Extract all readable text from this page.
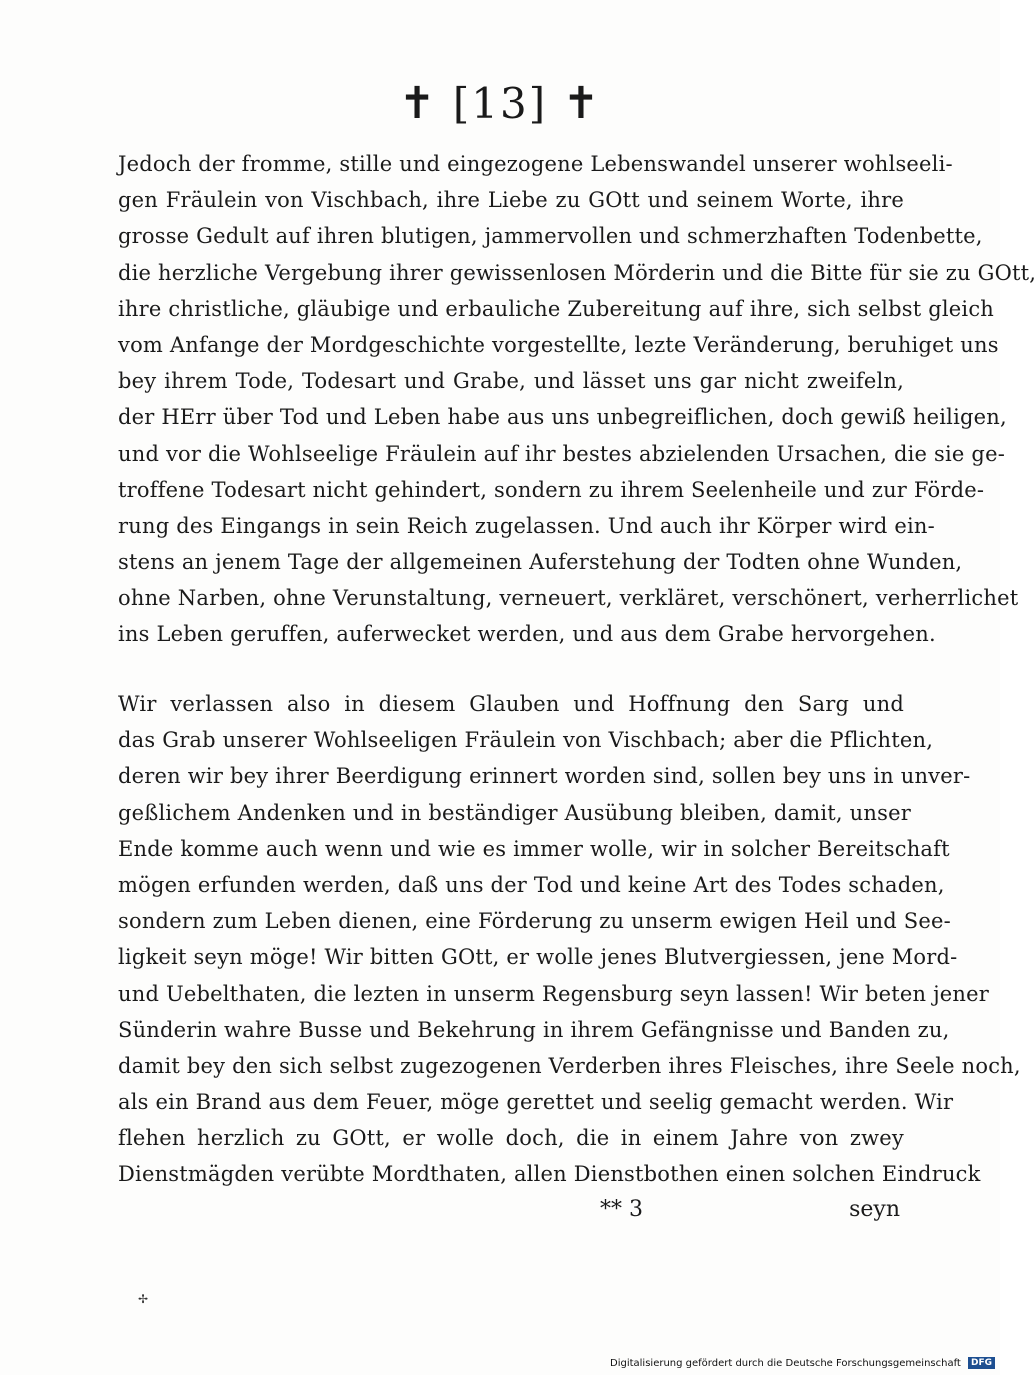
✝ [13] ✝
Jedoch der fromme, stille und eingezogene Lebenswandel unserer wohlseeli-
gen Fräulein von Vischbach, ihre Liebe zu GOtt und seinem Worte, ihre
grosse Gedult auf ihren blutigen, jammervollen und schmerzhaften Todenbette,
die herzliche Vergebung ihrer gewissenlosen Mörderin und die Bitte für sie zu GOtt,
ihre christliche, gläubige und erbauliche Zubereitung auf ihre, sich selbst gleich
vom Anfange der Mordgeschichte vorgestellte, lezte Veränderung, beruhiget uns
bey ihrem Tode, Todesart und Grabe, und lässet uns gar nicht zweifeln,
der HErr über Tod und Leben habe aus uns unbegreiflichen, doch gewiß heiligen,
und vor die Wohlseelige Fräulein auf ihr bestes abzielenden Ursachen, die sie ge-
troffene Todesart nicht gehindert, sondern zu ihrem Seelenheile und zur Förde-
rung des Eingangs in sein Reich zugelassen. Und auch ihr Körper wird ein-
stens an jenem Tage der allgemeinen Auferstehung der Todten ohne Wunden,
ohne Narben, ohne Verunstaltung, verneuert, verkläret, verschönert, verherrlichet
ins Leben geruffen, auferwecket werden, und aus dem Grabe hervorgehen.
Wir verlassen also in diesem Glauben und Hoffnung den Sarg und
das Grab unserer Wohlseeligen Fräulein von Vischbach; aber die Pflichten,
deren wir bey ihrer Beerdigung erinnert worden sind, sollen bey uns in unver-
geßlichem Andenken und in beständiger Ausübung bleiben, damit, unser
Ende komme auch wenn und wie es immer wolle, wir in solcher Bereitschaft
mögen erfunden werden, daß uns der Tod und keine Art des Todes schaden,
sondern zum Leben dienen, eine Förderung zu unserm ewigen Heil und See-
ligkeit seyn möge! Wir bitten GOtt, er wolle jenes Blutvergiessen, jene Mord-
und Uebelthaten, die lezten in unserm Regensburg seyn lassen! Wir beten jener
Sünderin wahre Busse und Bekehrung in ihrem Gefängnisse und Banden zu,
damit bey den sich selbst zugezogenen Verderben ihres Fleisches, ihre Seele noch,
als ein Brand aus dem Feuer, möge gerettet und seelig gemacht werden. Wir
flehen herzlich zu GOtt, er wolle doch, die in einem Jahre von zwey
Dienstmägden verübte Mordthaten, allen Dienstbothen einen solchen Eindruck
** 3	seyn
✢
Digitalisierung gefördert durch die Deutsche Forschungsgemeinschaft DFG
